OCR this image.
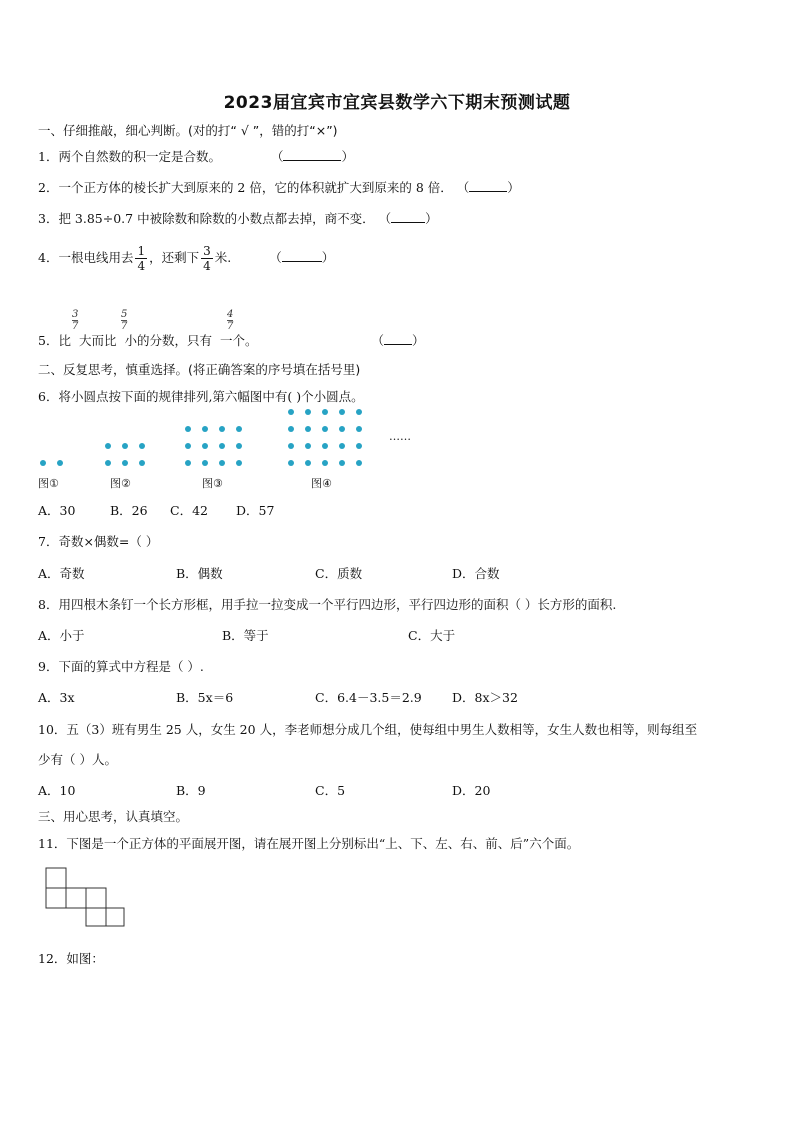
2023届宜宾市宜宾县数学六下期末预测试题
一、仔细推敲，细心判断。(对的打“ √ ”，错的打“×”)
1．两个自然数的积一定是合数。	（	）
2．一个正方体的棱长扩大到原来的 2 倍，它的体积就扩大到原来的 8 倍． （	）
3．把 3.85÷0.7 中被除数和除数的小数点都去掉，商不变． （	）
4．一根电线用去 $\frac{1}{4}$ ，还剩下 $\frac{3}{4}$ 米.	（	）
3
7
5
7
4
7
5．比 大而比 小的分数，只有 一个。	（ ）
二、反复思考，慎重选择。(将正确答案的序号填在括号里)
6．将小圆点按下面的规律排列,第六幅图中有( )个小圆点。
……
图①	图②	图③	图④
A．30	B．26 C．42 D．57
7．奇数×偶数=（ ）
A．奇数	B．偶数	C．质数	D．合数
8．用四根木条钉一个长方形框，用手拉一拉变成一个平行四边形，平行四边形的面积（ ）长方形的面积.
A．小于	B．等于	C．大于
9．下面的算式中方程是（ ）.
A．3x	B．5x＝6	C．6.4－3.5＝2.9 D．8x＞32
10．五（3）班有男生 25 人，女生 20 人，李老师想分成几个组，使每组中男生人数相等，女生人数也相等，则每组至
少有（ ）人。
A．10	B．9	C．5	D．20
三、用心思考，认真填空。
11．下图是一个正方体的平面展开图，请在展开图上分别标出“上、下、左、右、前、后”六个面。
12．如图：
